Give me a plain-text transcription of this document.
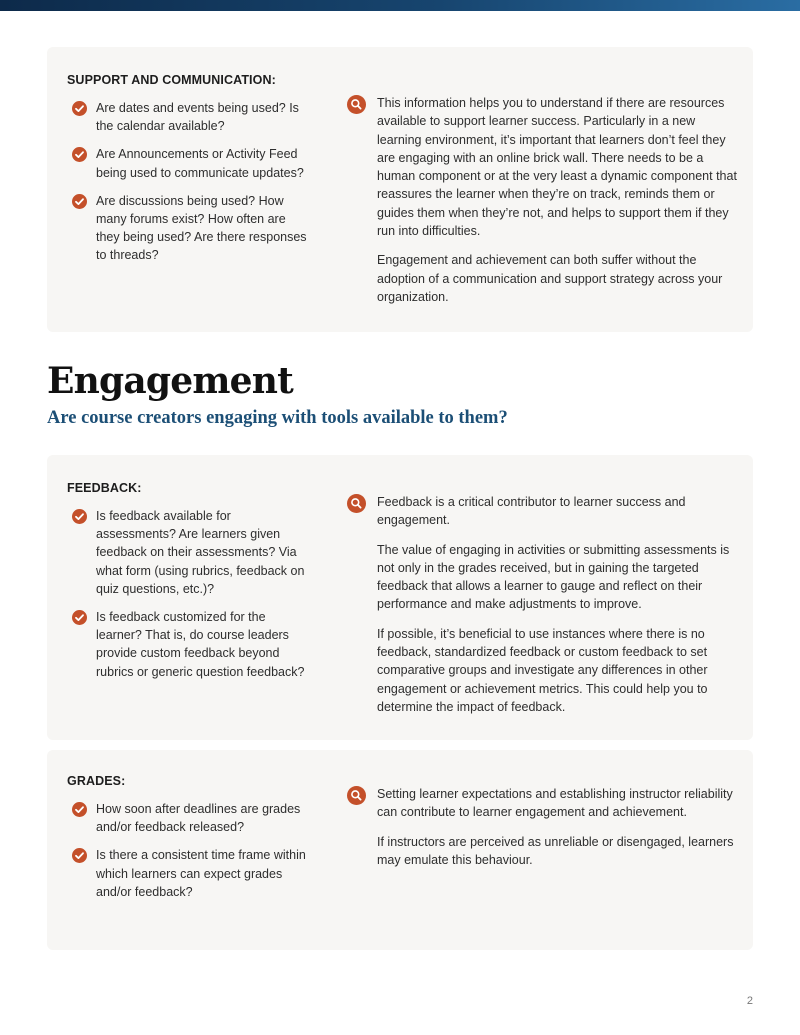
SUPPORT AND COMMUNICATION:
Are dates and events being used? Is the calendar available?
Are Announcements or Activity Feed being used to communicate updates?
Are discussions being used? How many forums exist? How often are they being used? Are there responses to threads?

This information helps you to understand if there are resources available to support learner success. Particularly in a new learning environment, it’s important that learners don’t feel they are engaging with an online brick wall. There needs to be a human component or at the very least a dynamic component that reassures the learner when they’re on track, reminds them or guides them when they’re not, and helps to support them if they run into difficulties.

Engagement and achievement can both suffer without the adoption of a communication and support strategy across your organization.

Engagement
Are course creators engaging with tools available to them?
FEEDBACK:
Is feedback available for assessments? Are learners given feedback on their assessments? Via what form (using rubrics, feedback on quiz questions, etc.)?
Is feedback customized for the learner? That is, do course leaders provide custom feedback beyond rubrics or generic question feedback?

Feedback is a critical contributor to learner success and engagement.

The value of engaging in activities or submitting assessments is not only in the grades received, but in gaining the targeted feedback that allows a learner to gauge and reflect on their performance and make adjustments to improve.

If possible, it’s beneficial to use instances where there is no feedback, standardized feedback or custom feedback to set comparative groups and investigate any differences in other engagement or achievement metrics. This could help you to determine the impact of feedback.

GRADES:
How soon after deadlines are grades and/or feedback released?
Is there a consistent time frame within which learners can expect grades and/or feedback?

Setting learner expectations and establishing instructor reliability can contribute to learner engagement and achievement.

If instructors are perceived as unreliable or disengaged, learners may emulate this behaviour.

2
